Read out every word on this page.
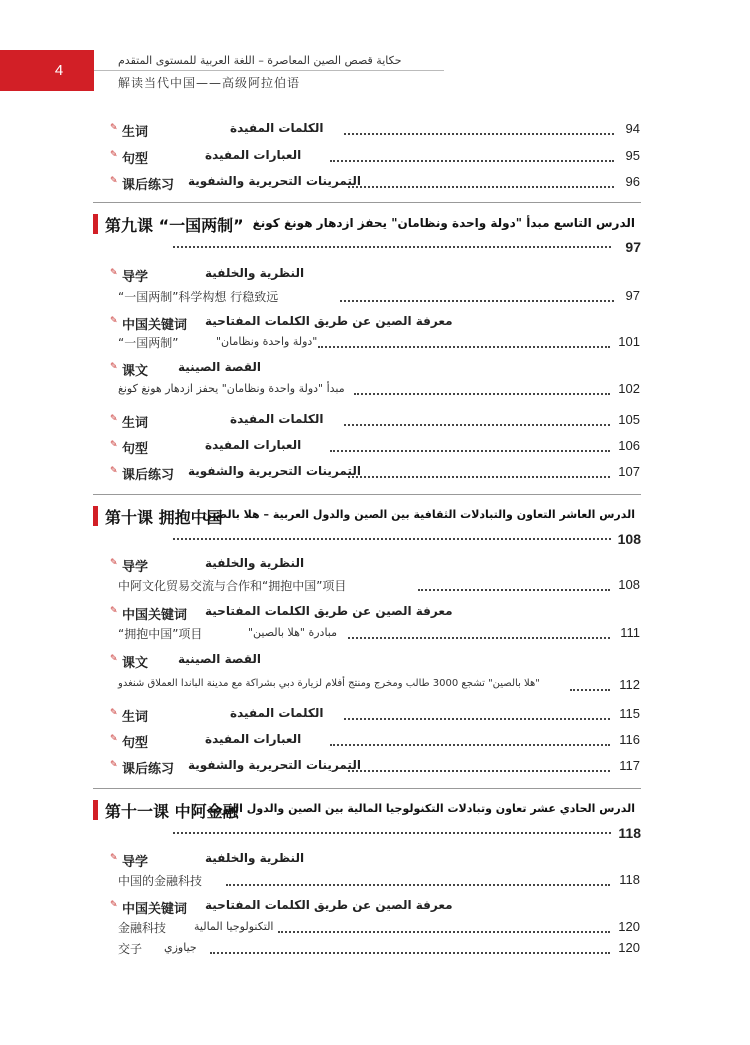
4
حكاية قصص الصين المعاصرة – اللغة العربية للمستوى المتقدم
解读当代中国——高级阿拉伯语
✎ 生词	الكلمات المفيدة	94
✎ 句型	العبارات المفيدة	95
✎ 课后练习 التمرينات التحريرية والشفوية	96
第九课 “一国两制” الدرس التاسع مبدأ "دولة واحدة ونظامان" يحفز ازدهار هونغ كونغ
97
✎ 导学	النظرية والخلفية
“一国两制”科学构想 行稳致远	97
✎ 中国关键词 معرفة الصين عن طريق الكلمات المفتاحية
“一国两制”	"دولة واحدة ونظامان"	101
✎ 课文 القصة الصينية
مبدأ "دولة واحدة ونظامان" يحفز ازدهار هونغ كونغ	102
✎ 生词	الكلمات المفيدة	105
✎ 句型	العبارات المفيدة	106
✎ 课后练习 التمرينات التحريرية والشفوية	107
第十课 拥抱中国
الدرس العاشر التعاون والتبادلات الثقافية بين الصين والدول العربية – هلا بالصين
108
✎ 导学	النظرية والخلفية
中阿文化贸易交流与合作和“拥抱中国”项目	108
✎ 中国关键词 معرفة الصين عن طريق الكلمات المفتاحية
“拥抱中国”项目	مبادرة "هلا بالصين"	111
✎ 课文 القصة الصينية
"هلا بالصين" تشجع 3000 طالب ومخرج ومنتج أفلام لزيارة دبي بشراكة مع مدينة الباندا العملاق شنغدو	112
✎ 生词	الكلمات المفيدة	115
✎ 句型	العبارات المفيدة	116
✎ 课后练习 التمرينات التحريرية والشفوية	117
第十一课 中阿金融
الدرس الحادي عشر تعاون وتبادلات التكنولوجيا المالية بين الصين والدول العربية
118
✎ 导学	النظرية والخلفية
中国的金融科技	118
✎ 中国关键词 معرفة الصين عن طريق الكلمات المفتاحية
金融科技	التكنولوجيا المالية	120
交子 جياوزي	120
